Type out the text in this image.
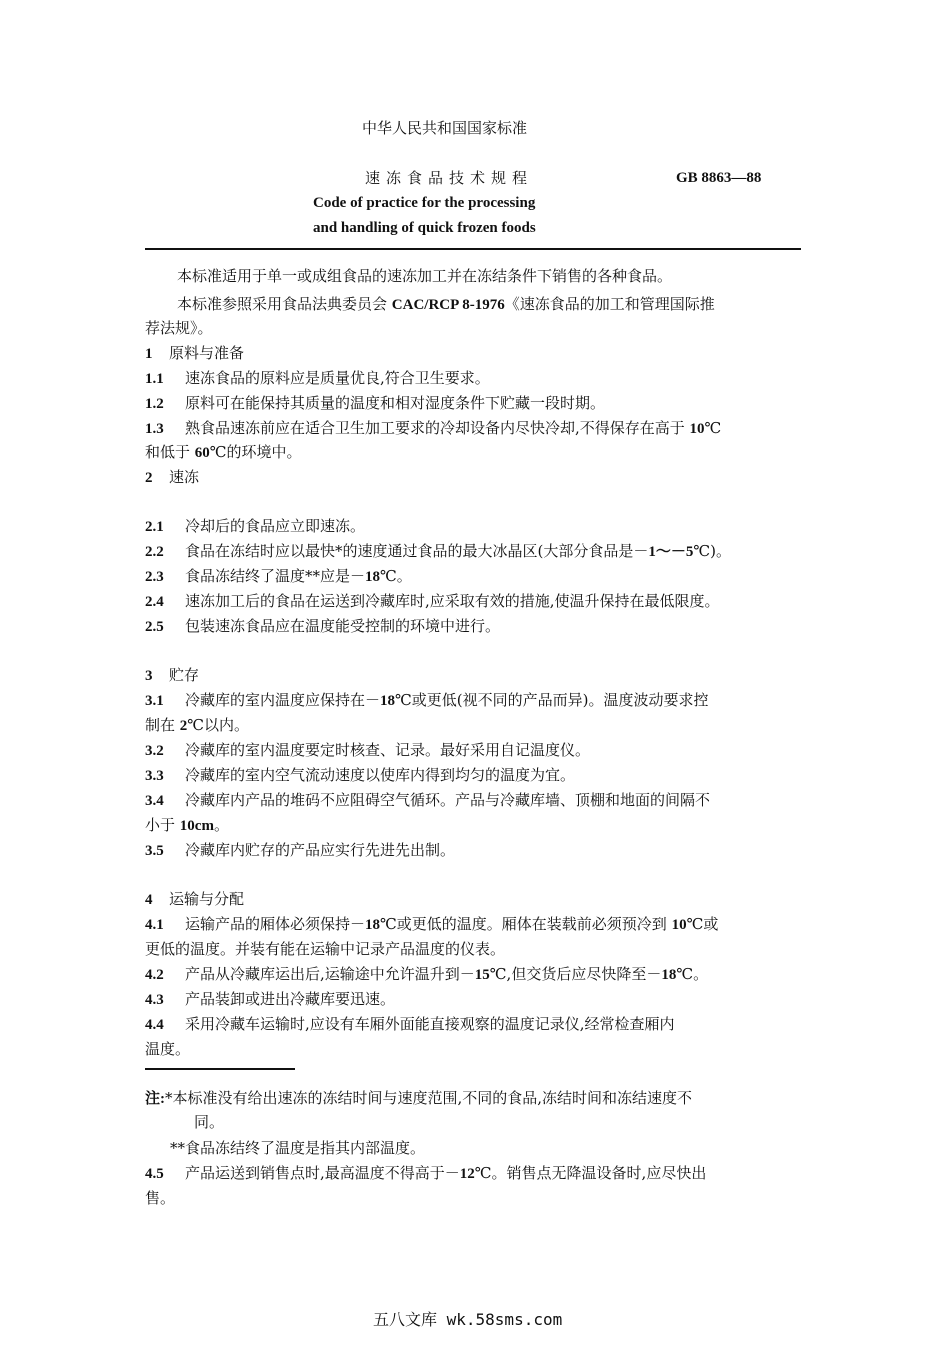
中华人民共和国国家标准
速冻食品技术规程	GB 8863—88
Code of practice for the processing
and handling of quick frozen foods
本标准适用于单一或成组食品的速冻加工并在冻结条件下销售的各种食品。
本标准参照采用食品法典委员会 CAC/RCP 8-1976《速冻食品的加工和管理国际推
荐法规》。
1 原料与准备
1.1 速冻食品的原料应是质量优良,符合卫生要求。
1.2 原料可在能保持其质量的温度和相对湿度条件下贮藏一段时期。
1.3 熟食品速冻前应在适合卫生加工要求的冷却设备内尽快冷却,不得保存在高于 10℃
和低于 60℃的环境中。
2 速冻
2.1 冷却后的食品应立即速冻。
2.2 食品在冻结时应以最快*的速度通过食品的最大冰晶区(大部分食品是－1～－5℃)。
2.3 食品冻结终了温度**应是－18℃。
2.4 速冻加工后的食品在运送到冷藏库时,应采取有效的措施,使温升保持在最低限度。
2.5 包装速冻食品应在温度能受控制的环境中进行。
3 贮存
3.1 冷藏库的室内温度应保持在－18℃或更低(视不同的产品而异)。温度波动要求控
制在 2℃以内。
3.2 冷藏库的室内温度要定时核查、记录。最好采用自记温度仪。
3.3 冷藏库的室内空气流动速度以使库内得到均匀的温度为宜。
3.4 冷藏库内产品的堆码不应阻碍空气循环。产品与冷藏库墙、顶棚和地面的间隔不
小于 10cm。
3.5 冷藏库内贮存的产品应实行先进先出制。
4 运输与分配
4.1 运输产品的厢体必须保持－18℃或更低的温度。厢体在装载前必须预冷到 10℃或
更低的温度。并装有能在运输中记录产品温度的仪表。
4.2 产品从冷藏库运出后,运输途中允许温升到－15℃,但交货后应尽快降至－18℃。
4.3 产品装卸或进出冷藏库要迅速。
4.4 采用冷藏车运输时,应设有车厢外面能直接观察的温度记录仪,经常检查厢内
温度。
注:*本标准没有给出速冻的冻结时间与速度范围,不同的食品,冻结时间和冻结速度不
同。
**食品冻结终了温度是指其内部温度。
4.5 产品运送到销售点时,最高温度不得高于－12℃。销售点无降温设备时,应尽快出
售。
五八文库 wk.58sms.com
